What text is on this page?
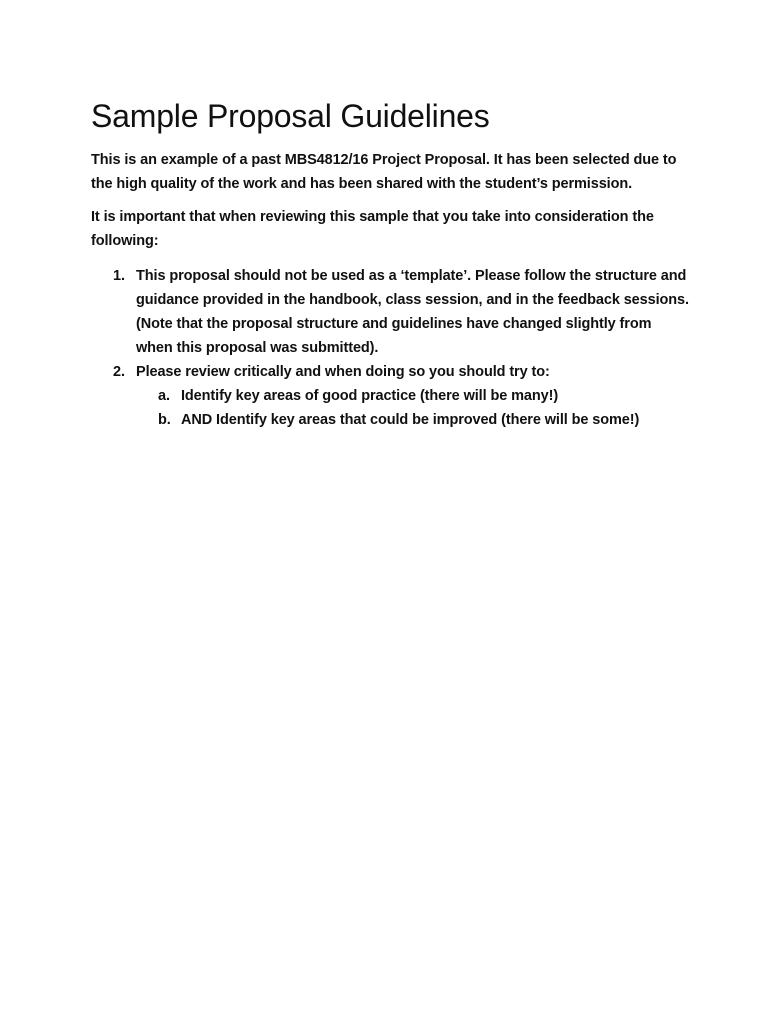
Sample Proposal Guidelines

This is an example of a past MBS4812/16 Project Proposal. It has been selected due to the high quality of the work and has been shared with the student’s permission.

It is important that when reviewing this sample that you take into consideration the following:

1. This proposal should not be used as a ‘template’. Please follow the structure and guidance provided in the handbook, class session, and in the feedback sessions. (Note that the proposal structure and guidelines have changed slightly from when this proposal was submitted).
2. Please review critically and when doing so you should try to:
a. Identify key areas of good practice (there will be many!)
b. AND Identify key areas that could be improved (there will be some!)
